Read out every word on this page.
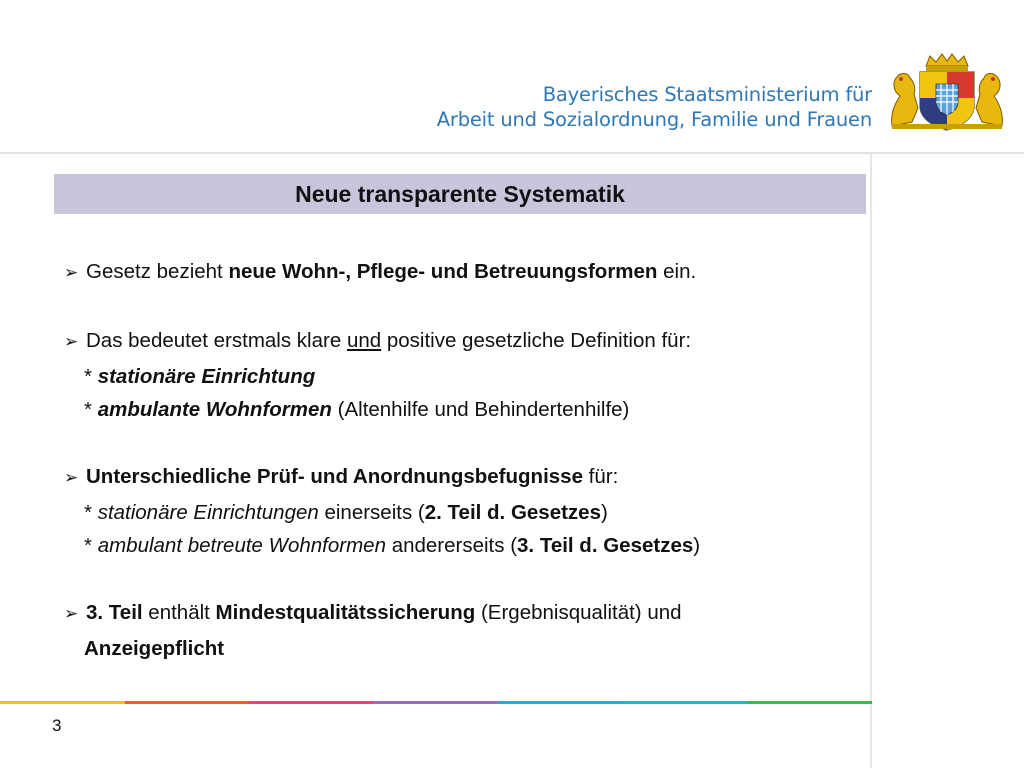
Bayerisches Staatsministerium für
Arbeit und Sozialordnung, Familie und Frauen
Neue transparente Systematik
➢ Gesetz bezieht neue Wohn-, Pflege- und Betreuungsformen ein.
➢ Das bedeutet erstmals klare und positive gesetzliche Definition für:
* stationäre Einrichtung
* ambulante Wohnformen (Altenhilfe und Behindertenhilfe)
➢ Unterschiedliche Prüf- und Anordnungsbefugnisse für:
* stationäre Einrichtungen einerseits (2. Teil d. Gesetzes)
* ambulant betreute Wohnformen andererseits (3. Teil d. Gesetzes)
➢ 3. Teil enthält Mindestqualitätssicherung (Ergebnisqualität) und
Anzeigepflicht
3
